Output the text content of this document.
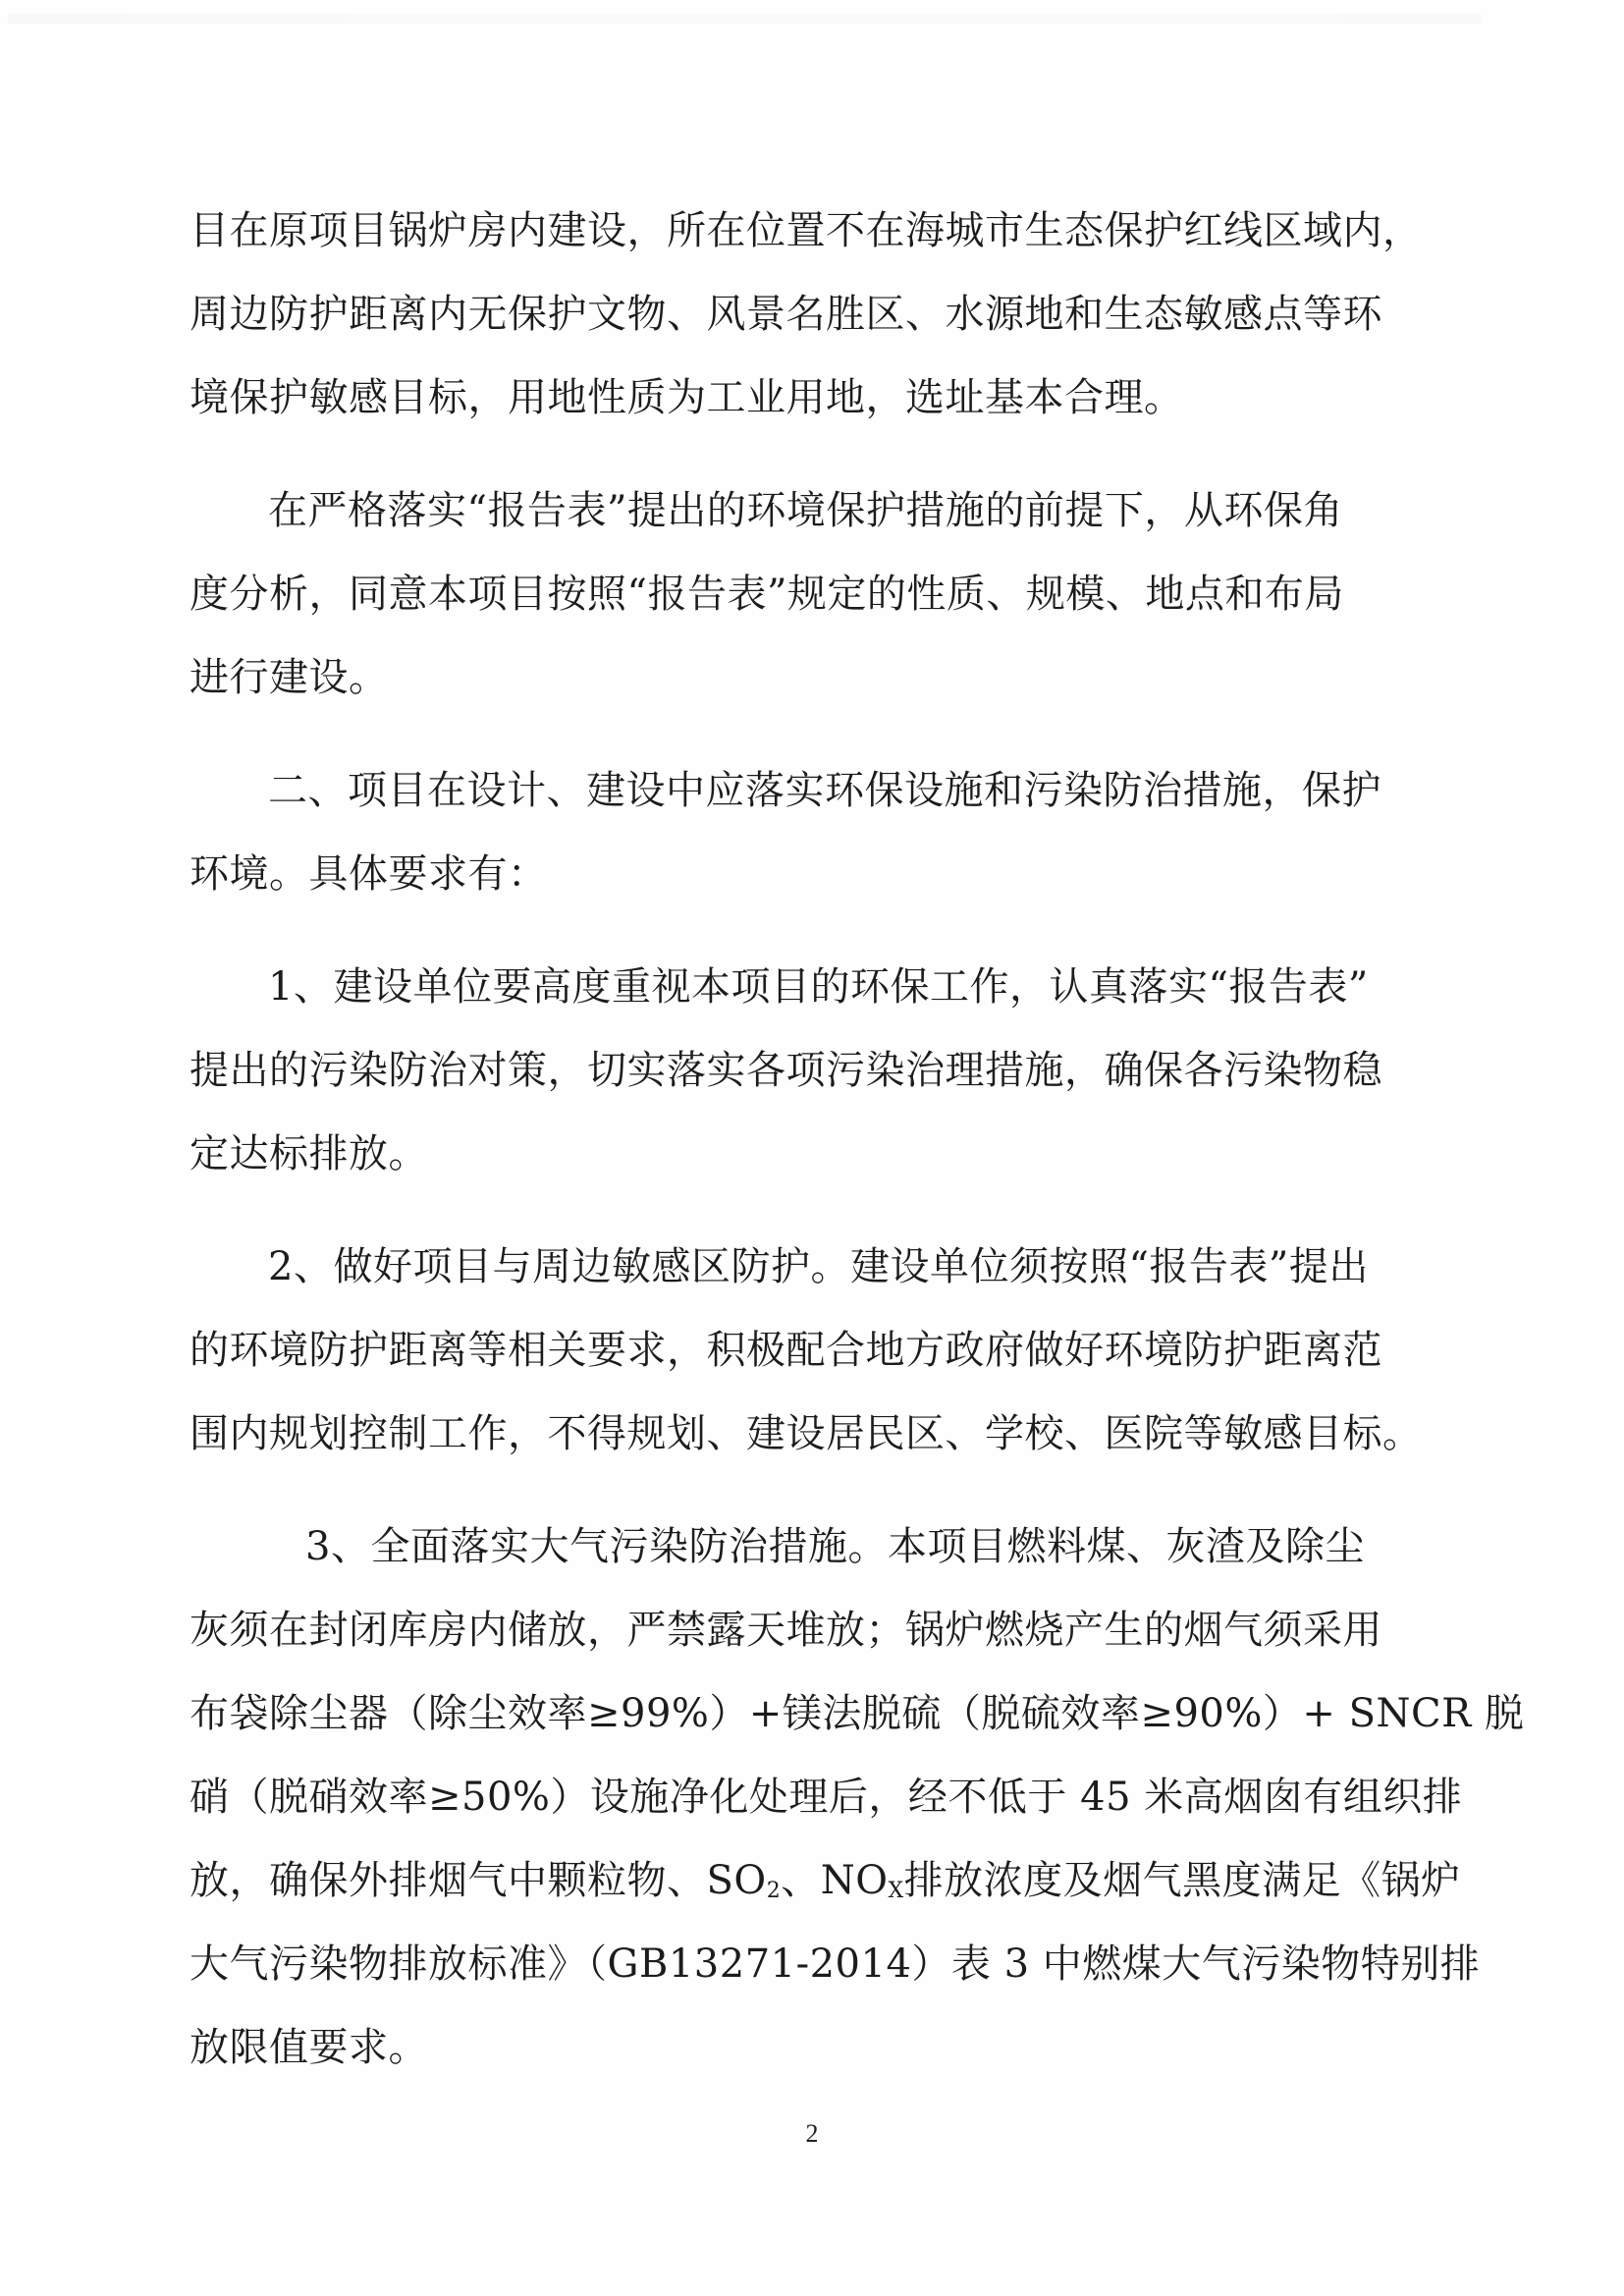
目在原项目锅炉房内建设，所在位置不在海城市生态保护红线区域内，
周边防护距离内无保护文物、风景名胜区、水源地和生态敏感点等环
境保护敏感目标，用地性质为工业用地，选址基本合理。
在严格落实“报告表”提出的环境保护措施的前提下，从环保角
度分析，同意本项目按照“报告表”规定的性质、规模、地点和布局
进行建设。
二、项目在设计、建设中应落实环保设施和污染防治措施，保护
环境。具体要求有：
1、建设单位要高度重视本项目的环保工作，认真落实“报告表”
提出的污染防治对策，切实落实各项污染治理措施，确保各污染物稳
定达标排放。
2、做好项目与周边敏感区防护。建设单位须按照“报告表”提出
的环境防护距离等相关要求，积极配合地方政府做好环境防护距离范
围内规划控制工作，不得规划、建设居民区、学校、医院等敏感目标。
3、全面落实大气污染防治措施。本项目燃料煤、灰渣及除尘
灰须在封闭库房内储放，严禁露天堆放；锅炉燃烧产生的烟气须采用
布袋除尘器（除尘效率≥99%）+镁法脱硫（脱硫效率≥90%）+ SNCR 脱
硝（脱硝效率≥50%）设施净化处理后，经不低于 45 米高烟囱有组织排
放，确保外排烟气中颗粒物、$SO_2$、$NO_X$排放浓度及烟气黑度满足《锅炉
大气污染物排放标准》（GB13271-2014）表 3 中燃煤大气污染物特别排
放限值要求。
2
